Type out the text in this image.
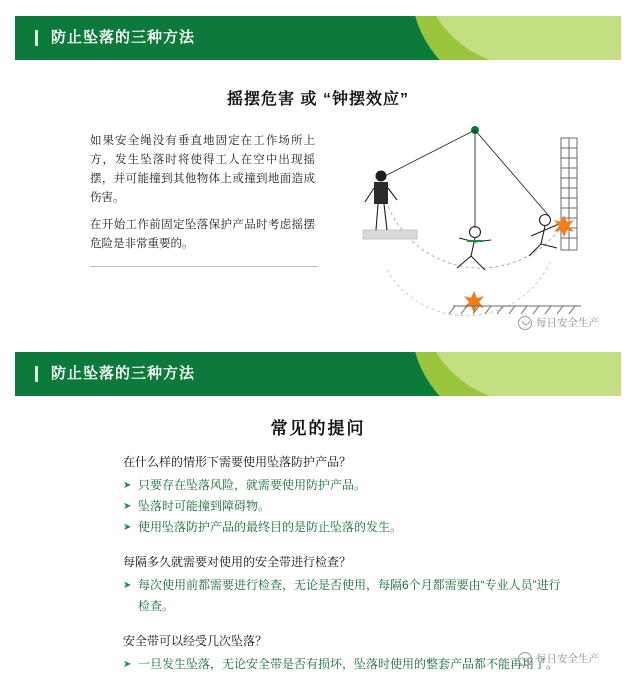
防止坠落的三种方法
摇摆危害 或 “钟摆效应”

如果安全绳没有垂直地固定在工作场所上方，发生坠落时将使得工人在空中出现摇摆，并可能撞到其他物体上或撞到地面造成伤害。

在开始工作前固定坠落保护产品时考虑摇摆危险是非常重要的。

每日安全生产
防止坠落的三种方法
常见的提问

在什么样的情形下需要使用坠落防护产品？

➤ 只要存在坠落风险，就需要使用防护产品。

➤ 坠落时可能撞到障碍物。

➤ 使用坠落防护产品的最终目的是防止坠落的发生。

每隔多久就需要对使用的安全带进行检查？

➤ 每次使用前都需要进行检查，无论是否使用，每隔6个月都需要由“专业人员”进行检查。

安全带可以经受几次坠落？

➤ 一旦发生坠落，无论安全带是否有损坏，坠落时使用的整套产品都不能再用了。

每日安全生产
